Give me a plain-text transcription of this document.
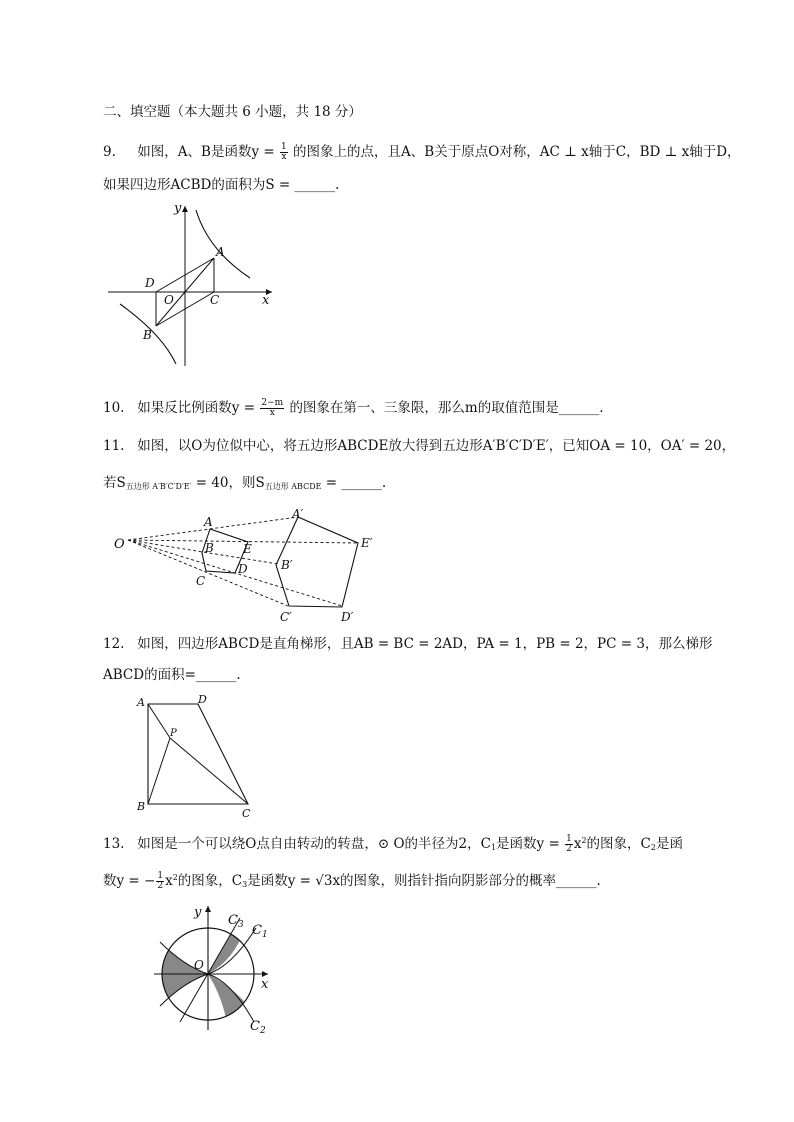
二、填空题（本大题共 6 小题，共 18 分）
9. 如图，A、B是函数$y = \frac{1}{x}$ 的图象上的点，且A、B关于原点O对称，AC ⊥ x轴于C，BD ⊥ x轴于D，
如果四边形ACBD的面积为S = ______.
y
x
A
B
C
D
O
10. 如果反比例函数$y = \frac{2-m}{x}$ 的图象在第一、三象限，那么m的取值范围是______.
11. 如图，以O为位似中心，将五边形ABCDE放大得到五边形A′B′C′D′E′，已知OA = 10，OA′ = 20，
若$S_{五边形 A'B'C'D'E'} = 40$，则$S_{五边形 ABCDE}$ = ______.
O
A
B
C
D
E
A′
B′
C′	D′
E′
12. 如图，四边形ABCD是直角梯形，且AB = BC = 2AD，PA = 1，PB = 2，PC = 3，那么梯形
ABCD的面积=______.
A	D
P
B
C
13. 如图是一个可以绕O点自由转动的转盘，⊙ O的半径为2，$C_1$是函数$y = \frac{1}{2} x^2$的图象，$C_2$是函
数y = − $\frac{1}{2} x^2$的图象，$C_3$是函数y = √3x的图象，则指针指向阴影部分的概率______.
y
x
O
$C_3$ $C_1$
$C_2$
